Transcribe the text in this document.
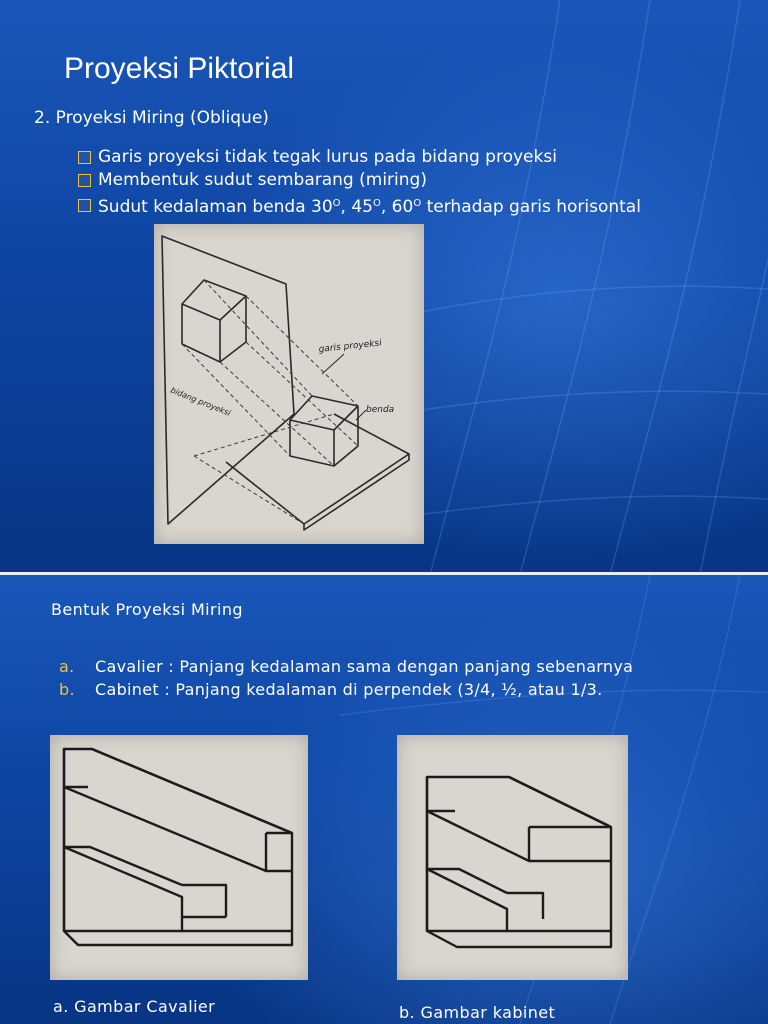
Proyeksi Piktorial
2. Proyeksi Miring (Oblique)
Garis proyeksi tidak tegak lurus pada bidang proyeksi
Membentuk sudut sembarang (miring)
Sudut kedalaman benda $30^O$, $45^O$, $60^O$ terhadap garis horisontal
garis proyeksi
benda
bidang proyeksi
Bentuk Proyeksi Miring
a. Cavalier : Panjang kedalaman sama dengan panjang sebenarnya
b. Cabinet : Panjang kedalaman di perpendek (3/4, ½, atau 1/3.
a. Gambar Cavalier	b. Gambar kabinet
